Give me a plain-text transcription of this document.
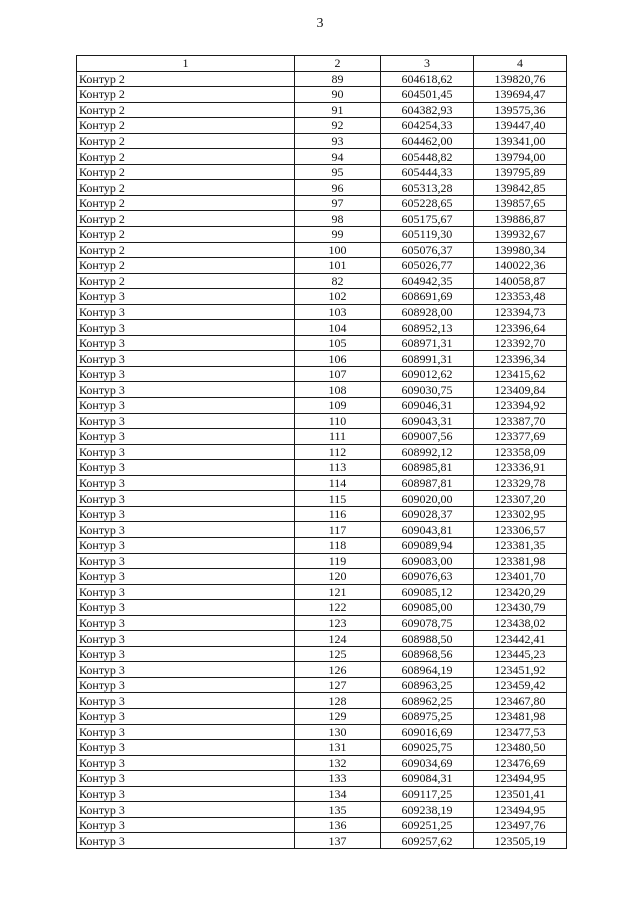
3
1	2	3	4
Контур 2	89	604618,62	139820,76
Контур 2	90	604501,45	139694,47
Контур 2	91	604382,93	139575,36
Контур 2	92	604254,33	139447,40
Контур 2	93	604462,00	139341,00
Контур 2	94	605448,82	139794,00
Контур 2	95	605444,33	139795,89
Контур 2	96	605313,28	139842,85
Контур 2	97	605228,65	139857,65
Контур 2	98	605175,67	139886,87
Контур 2	99	605119,30	139932,67
Контур 2	100	605076,37	139980,34
Контур 2	101	605026,77	140022,36
Контур 2	82	604942,35	140058,87
Контур 3	102	608691,69	123353,48
Контур 3	103	608928,00	123394,73
Контур 3	104	608952,13	123396,64
Контур 3	105	608971,31	123392,70
Контур 3	106	608991,31	123396,34
Контур 3	107	609012,62	123415,62
Контур 3	108	609030,75	123409,84
Контур 3	109	609046,31	123394,92
Контур 3	110	609043,31	123387,70
Контур 3	111	609007,56	123377,69
Контур 3	112	608992,12	123358,09
Контур 3	113	608985,81	123336,91
Контур 3	114	608987,81	123329,78
Контур 3	115	609020,00	123307,20
Контур 3	116	609028,37	123302,95
Контур 3	117	609043,81	123306,57
Контур 3	118	609089,94	123381,35
Контур 3	119	609083,00	123381,98
Контур 3	120	609076,63	123401,70
Контур 3	121	609085,12	123420,29
Контур 3	122	609085,00	123430,79
Контур 3	123	609078,75	123438,02
Контур 3	124	608988,50	123442,41
Контур 3	125	608968,56	123445,23
Контур 3	126	608964,19	123451,92
Контур 3	127	608963,25	123459,42
Контур 3	128	608962,25	123467,80
Контур 3	129	608975,25	123481,98
Контур 3	130	609016,69	123477,53
Контур 3	131	609025,75	123480,50
Контур 3	132	609034,69	123476,69
Контур 3	133	609084,31	123494,95
Контур 3	134	609117,25	123501,41
Контур 3	135	609238,19	123494,95
Контур 3	136	609251,25	123497,76
Контур 3	137	609257,62	123505,19
